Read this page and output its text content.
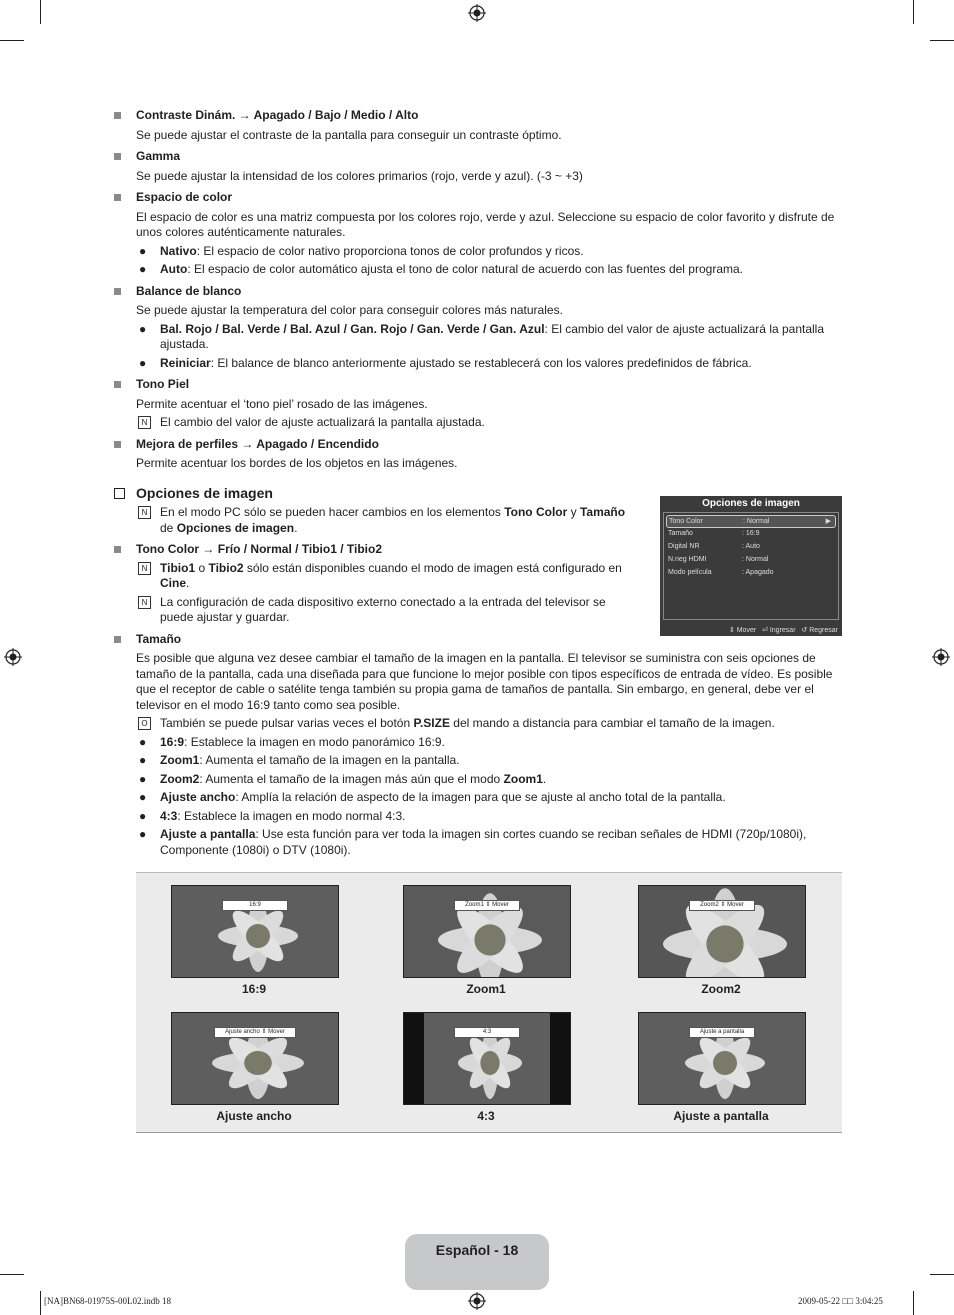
Contraste Dinám. → Apagado / Bajo / Medio / Alto
Se puede ajustar el contraste de la pantalla para conseguir un contraste óptimo.
Gamma
Se puede ajustar la intensidad de los colores primarios (rojo, verde y azul). (-3 ~ +3)
Espacio de color
El espacio de color es una matriz compuesta por los colores rojo, verde y azul. Seleccione su espacio de color favorito y disfrute de unos colores auténticamente naturales.
● Nativo: El espacio de color nativo proporciona tonos de color profundos y ricos.
● Auto: El espacio de color automático ajusta el tono de color natural de acuerdo con las fuentes del programa.
Balance de blanco
Se puede ajustar la temperatura del color para conseguir colores más naturales.
● Bal. Rojo / Bal. Verde / Bal. Azul / Gan. Rojo / Gan. Verde / Gan. Azul: El cambio del valor de ajuste actualizará la pantalla ajustada.
● Reiniciar: El balance de blanco anteriormente ajustado se restablecerá con los valores predefinidos de fábrica.
Tono Piel
Permite acentuar el ‘tono piel’ rosado de las imágenes.
N	El cambio del valor de ajuste actualizará la pantalla ajustada.
Mejora de perfiles → Apagado / Encendido
Permite acentuar los bordes de los objetos en las imágenes.
Opciones de imagen
N	En el modo PC sólo se pueden hacer cambios en los elementos Tono Color y Tamaño de Opciones de imagen.
Tono Color → Frío / Normal / Tibio1 / Tibio2
N	Tibio1 o Tibio2 sólo están disponibles cuando el modo de imagen está configurado en Cine.
N	La configuración de cada dispositivo externo conectado a la entrada del televisor se puede ajustar y guardar.
Tamaño
Es posible que alguna vez desee cambiar el tamaño de la imagen en la pantalla. El televisor se suministra con seis opciones de tamaño de la pantalla, cada una diseñada para que funcione lo mejor posible con tipos específicos de entrada de vídeo. Es posible que el receptor de cable o satélite tenga también su propia gama de tamaños de pantalla. Sin embargo, en general, debe ver el televisor en el modo 16:9 tanto como sea posible.
O También se puede pulsar varias veces el botón P.SIZE del mando a distancia para cambiar el tamaño de la imagen.
● 16:9: Establece la imagen en modo panorámico 16:9.
● Zoom1: Aumenta el tamaño de la imagen en la pantalla.
● Zoom2: Aumenta el tamaño de la imagen más aún que el modo Zoom1.
● Ajuste ancho: Amplía la relación de aspecto de la imagen para que se ajuste al ancho total de la pantalla.
● 4:3: Establece la imagen en modo normal 4:3.
● Ajuste a pantalla: Use esta función para ver toda la imagen sin cortes cuando se reciban señales de HDMI (720p/1080i), Componente (1080i) o DTV (1080i).
Opciones de imagen
Tono Color	: Normal	▶
Tamaño	: 16:9
Digital NR	: Auto
N.neg HDMI	: Normal
Modo película	: Apagado
⇕ Mover ⏎ Ingresar ↺ Regresar
16:9
16:9
Zoom1 ⇕ Mover
Zoom1
Zoom2 ⇕ Mover
Zoom2
Ajuste ancho ⇕ Mover
Ajuste ancho
4:3
4:3
Ajuste a pantalla
Ajuste a pantalla
Español - 18
[NA]BN68-01975S-00L02.indb 18	2009-05-22 □□ 3:04:25
